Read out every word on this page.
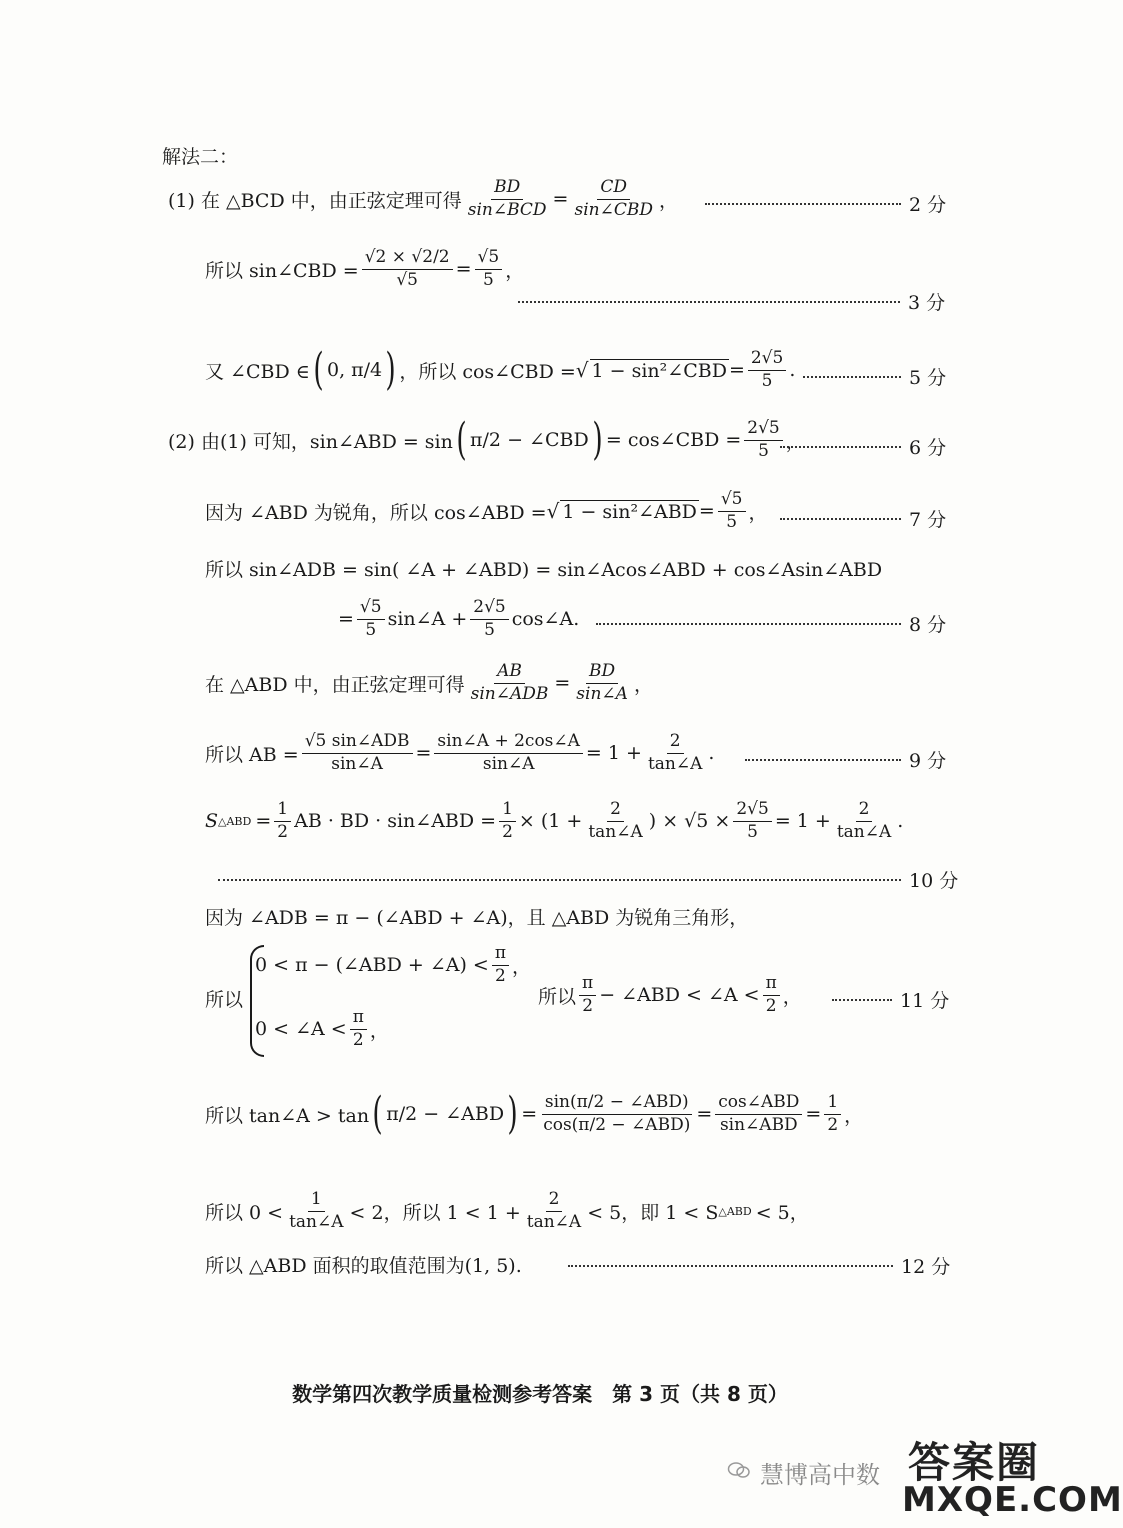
解法二：
(1) 在 △BCD 中，由正弦定理可得 $\frac{BD}{\text{sin∠BCD}} = \frac{CD}{\text{sin∠CBD}}$ ，	2 分
所以 sin∠CBD = $\frac{√2 \times √2/2}{√5} = \frac{√5}{5}$ ，
3 分
又 ∠CBD ∈ ( 0, π/4 ) ，所以 cos∠CBD = √ 1 − sin²∠CBD = $\frac{2√5}{5}$ .	5 分
(2) 由(1) 可知，sin∠ABD = sin ( π/2 − ∠CBD ) = cos∠CBD = $\frac{2√5}{5}$ ，	6 分
因为 ∠ABD 为锐角，所以 cos∠ABD = √ 1 − sin²∠ABD = $\frac{√5}{5}$ ，	7 分
所以 sin∠ADB = sin( ∠A + ∠ABD) = sin∠Acos∠ABD + cos∠Asin∠ABD
= $\frac{√5}{5}$ sin∠A + $\frac{2√5}{5}$ cos∠A.	8 分
在 △ABD 中，由正弦定理可得 $\frac{AB}{\text{sin∠ADB}} = \frac{BD}{\sin\angle A}$ ，
所以 AB = $\frac{\text{√5 sin∠ADB}}{\sin\angle A} = \frac{\sin\angle A + 2\cos\angle A}{\sin\angle A} = 1 + \frac{2}{\tan\angle A}$ .	9 分
S △ABD = $\frac{1}{2}$ AB · BD · sin∠ABD = $\frac{1}{2} \times (1 + \frac{2}{\tan\angle A}$ ) × $√5 \times \frac{2√5}{5} = 1 + \frac{2}{\tan\angle A}$ .
10 分
因为 ∠ADB = π − (∠ABD + ∠A)，且 △ABD 为锐角三角形，
所以
0 < π − (∠ABD + ∠A) < $\frac{\pi}{2}$ ，
0 < ∠A < $\frac{\pi}{2}$ ，
所以 $\frac{\pi}{2}$ − ∠ABD < ∠A < $\frac{\pi}{2}$ ，	11 分
所以 tan∠A > tan ( π/2 − ∠ABD ) = $\frac{\text{sin(π/2 − ∠ABD)}}{\text{cos(π/2 − ∠ABD)}} = \frac{\text{cos∠ABD}}{\text{sin∠ABD}} = \frac{1}{2}$ ，
所以 $0 < \frac{1}{\tan\angle A} < 2$，所以 $1 < 1 + \frac{2}{\tan\angle A} < 5$，即 1 < S △ABD < 5，
所以 △ABD 面积的取值范围为(1, 5).	12 分
数学第四次教学质量检测参考答案　第 3 页（共 8 页）
慧博高中数 答案圈
MXQE.COM
